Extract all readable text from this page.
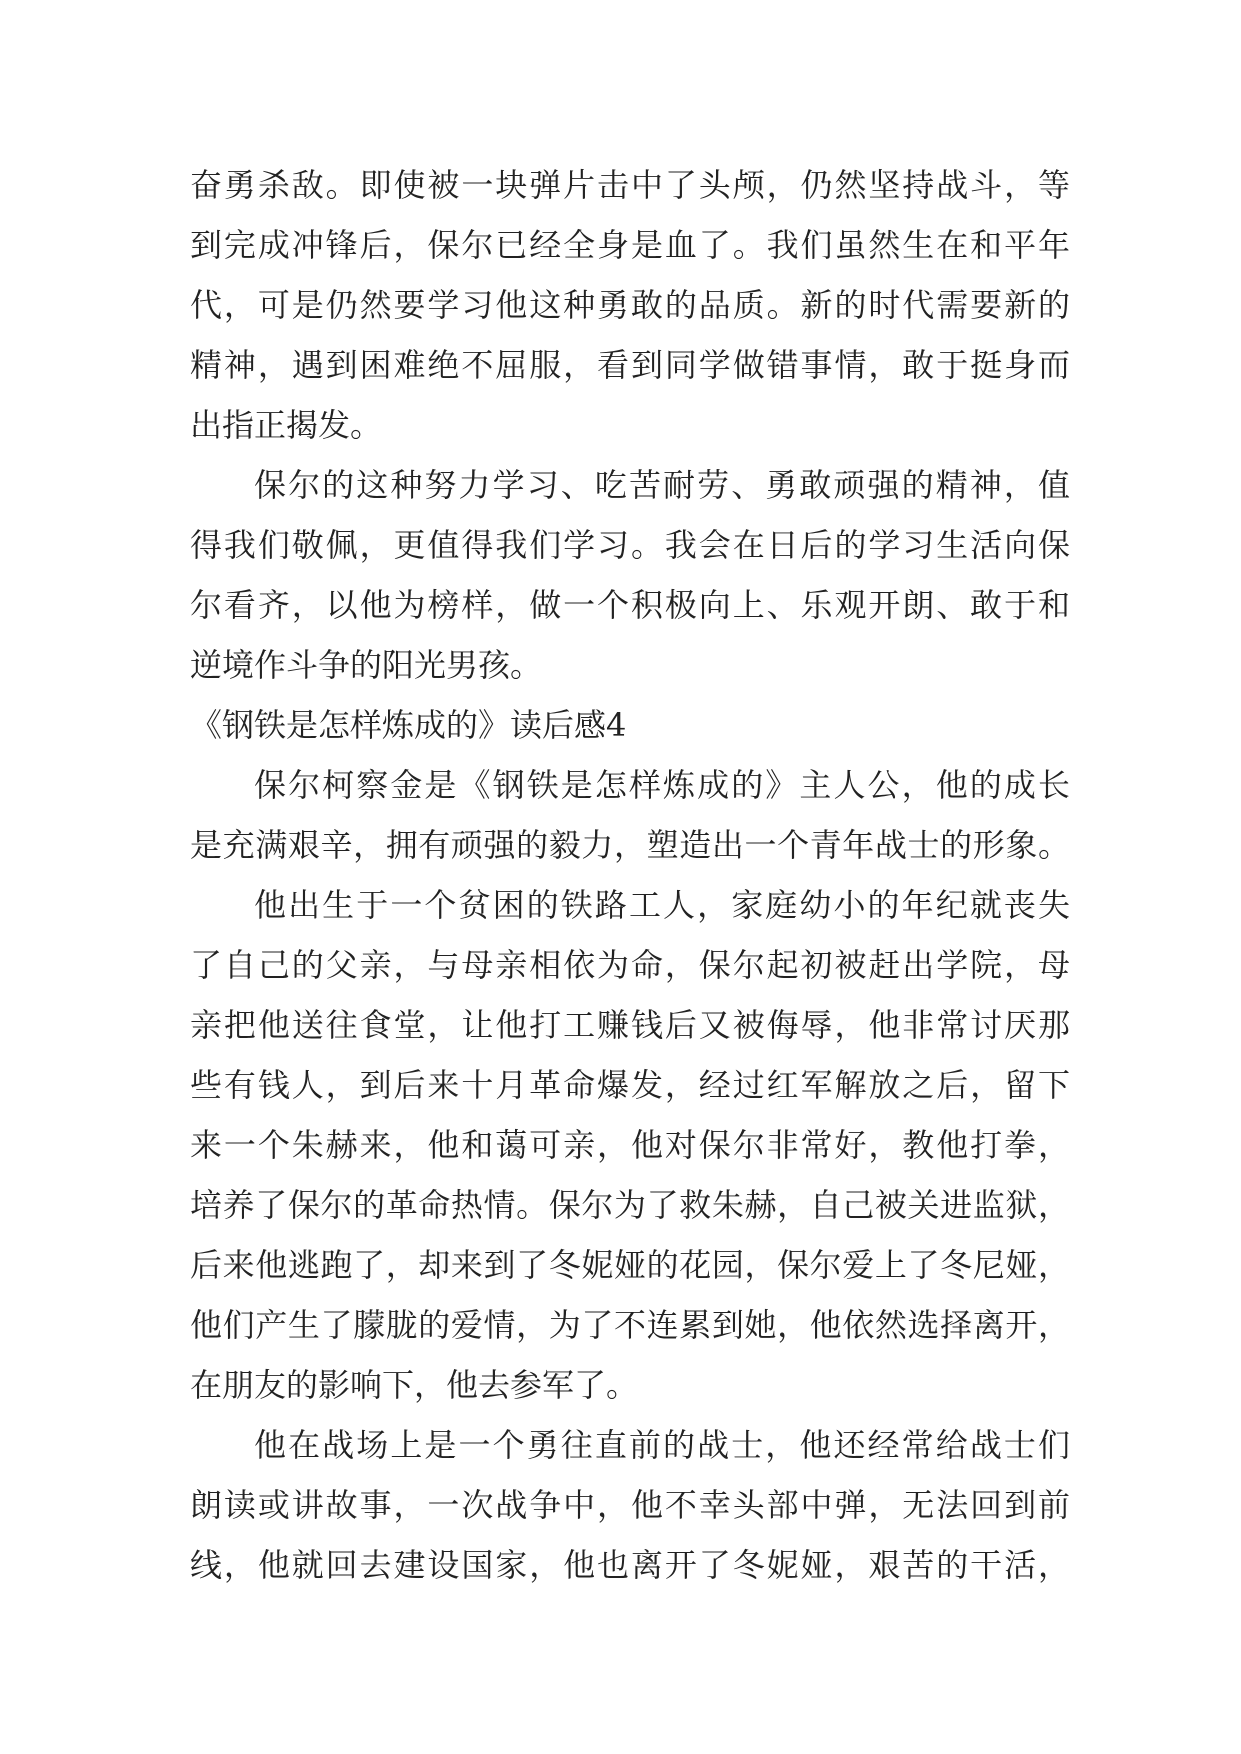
奋勇杀敌。即使被一块弹片击中了头颅，仍然坚持战斗，等
到完成冲锋后，保尔已经全身是血了。我们虽然生在和平年
代，可是仍然要学习他这种勇敢的品质。新的时代需要新的
精神，遇到困难绝不屈服，看到同学做错事情，敢于挺身而
出指正揭发。
保尔的这种努力学习、吃苦耐劳、勇敢顽强的精神，值
得我们敬佩，更值得我们学习。我会在日后的学习生活向保
尔看齐，以他为榜样，做一个积极向上、乐观开朗、敢于和
逆境作斗争的阳光男孩。
《钢铁是怎样炼成的》读后感4
保尔柯察金是《钢铁是怎样炼成的》主人公，他的成长
是充满艰辛，拥有顽强的毅力，塑造出一个青年战士的形象。
他出生于一个贫困的铁路工人，家庭幼小的年纪就丧失
了自己的父亲，与母亲相依为命，保尔起初被赶出学院，母
亲把他送往食堂，让他打工赚钱后又被侮辱，他非常讨厌那
些有钱人，到后来十月革命爆发，经过红军解放之后，留下
来一个朱赫来，他和蔼可亲，他对保尔非常好，教他打拳，
培养了保尔的革命热情。保尔为了救朱赫，自己被关进监狱，
后来他逃跑了，却来到了冬妮娅的花园，保尔爱上了冬尼娅，
他们产生了朦胧的爱情，为了不连累到她，他依然选择离开，
在朋友的影响下，他去参军了。
他在战场上是一个勇往直前的战士，他还经常给战士们
朗读或讲故事，一次战争中，他不幸头部中弹，无法回到前
线，他就回去建设国家，他也离开了冬妮娅，艰苦的干活，
